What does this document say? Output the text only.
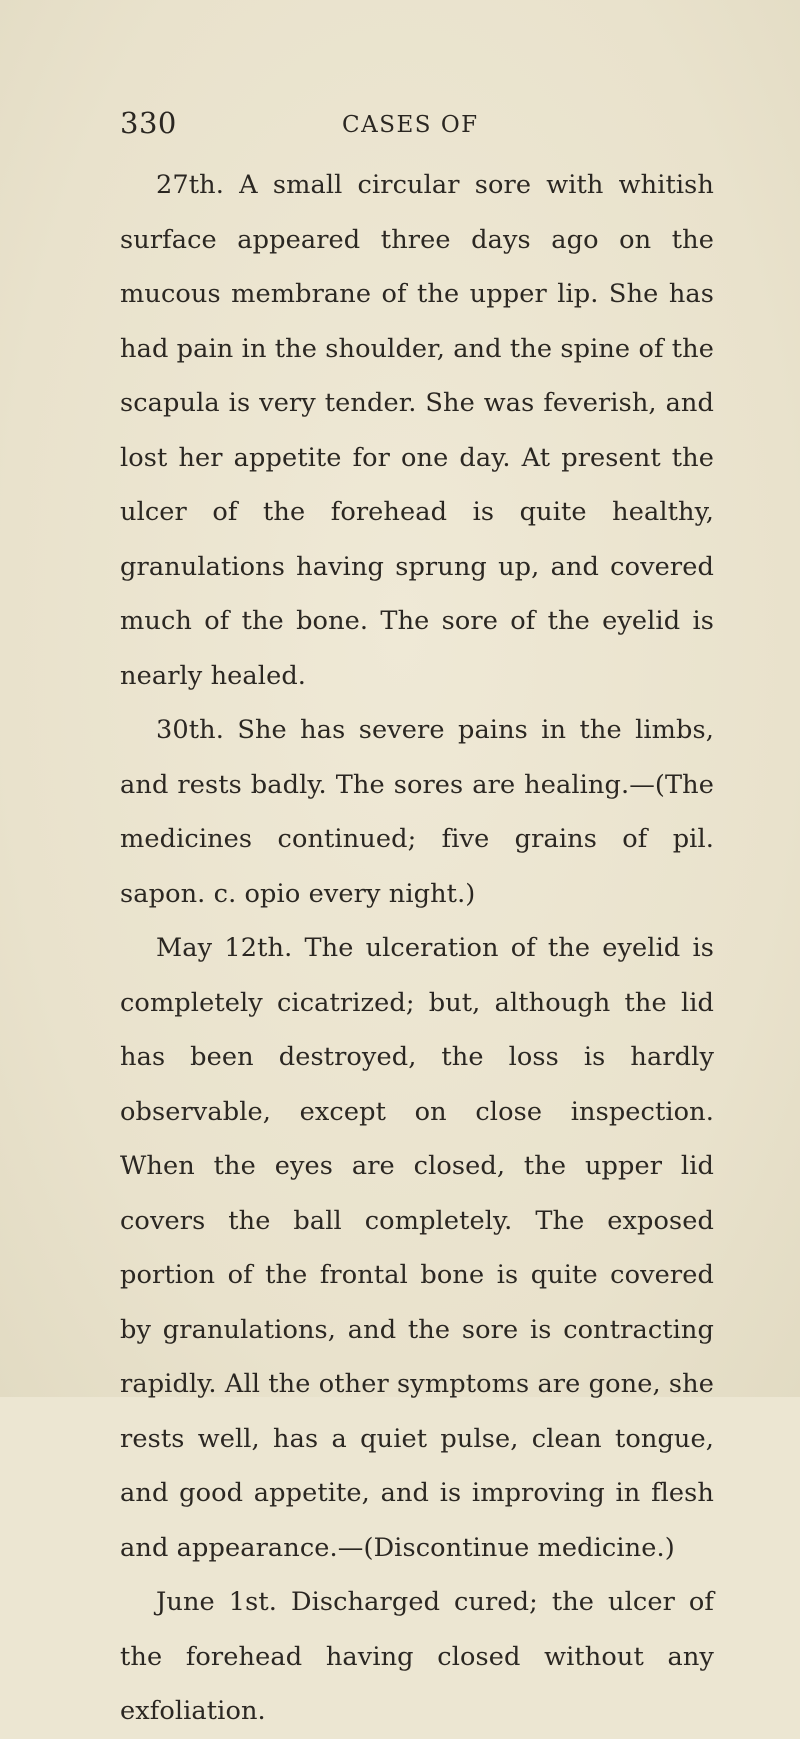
330	CASES OF

27th. A small circular sore with whitish surface appeared three days ago on the mucous membrane of the upper lip. She has had pain in the shoulder, and the spine of the scapula is very tender. She was feverish, and lost her appetite for one day. At present the ulcer of the forehead is quite healthy, granulations having sprung up, and covered much of the bone. The sore of the eyelid is nearly healed.

30th. She has severe pains in the limbs, and rests badly. The sores are healing.—(The medicines continued; five grains of pil. sapon. c. opio every night.)

May 12th. The ulceration of the eyelid is completely cicatrized; but, although the lid has been destroyed, the loss is hardly observable, except on close inspection. When the eyes are closed, the upper lid covers the ball completely. The exposed portion of the frontal bone is quite covered by granulations, and the sore is contracting rapidly. All the other symptoms are gone, she rests well, has a quiet pulse, clean tongue, and good appetite, and is improving in flesh and appearance.—(Discontinue medicine.)

June 1st. Discharged cured; the ulcer of the forehead having closed without any exfoliation.
